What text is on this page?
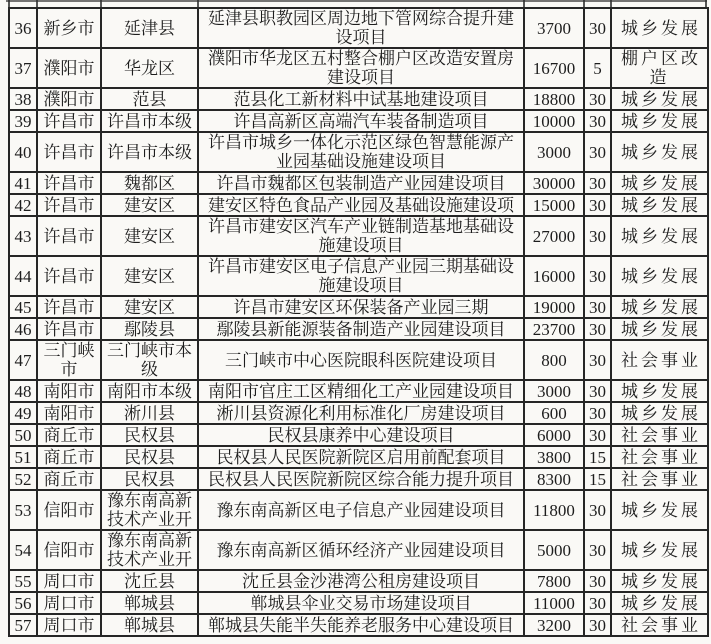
36	新乡市	延津县	延津县职教园区周边地下管网综合提升建设项目	3700	30	城乡发展
37	濮阳市	华龙区	濮阳市华龙区五村整合棚户区改造安置房建设项目	16700	5	棚户区改造
38	濮阳市	范县	范县化工新材料中试基地建设项目	18800	30	城乡发展
39	许昌市	许昌市本级	许昌高新区高端汽车装备制造项目	10000	30	城乡发展
40	许昌市	许昌市本级	许昌市城乡一体化示范区绿色智慧能源产业园基础设施建设项目	3000	30	城乡发展
41	许昌市	魏都区	许昌市魏都区包装制造产业园建设项目	30000	30	城乡发展
42	许昌市	建安区	建安区特色食品产业园及基础设施建设项	15000	30	城乡发展
43	许昌市	建安区	许昌市建安区汽车产业链制造基地基础设施建设项目	27000	30	城乡发展
44	许昌市	建安区	许昌市建安区电子信息产业园三期基础设施建设项目	16000	30	城乡发展
45	许昌市	建安区	许昌市建安区环保装备产业园三期	19000	30	城乡发展
46	许昌市	鄢陵县	鄢陵县新能源装备制造产业园建设项目	23700	30	城乡发展
47	三门峡市	三门峡市本级	三门峡市中心医院眼科医院建设项目	800	30	社会事业
48	南阳市	南阳市本级	南阳市官庄工区精细化工产业园建设项目	3000	30	城乡发展
49	南阳市	淅川县	淅川县资源化利用标准化厂房建设项目	600	30	城乡发展
50	商丘市	民权县	民权县康养中心建设项目	6000	30	社会事业
51	商丘市	民权县	民权县人民医院新院区启用前配套项目	3800	15	社会事业
52	商丘市	民权县	民权县人民医院新院区综合能力提升项目	8300	15	社会事业
53	信阳市	豫东南高新技术产业开	豫东南高新区电子信息产业园建设项目	11800	30	城乡发展
54	信阳市	豫东南高新技术产业开	豫东南高新区循环经济产业园建设项目	5000	30	城乡发展
55	周口市	沈丘县	沈丘县金沙港湾公租房建设项目	7800	30	城乡发展
56	周口市	郸城县	郸城县伞业交易市场建设项目	11000	30	城乡发展
57	周口市	郸城县	郸城县失能半失能养老服务中心建设项目	3200	30	社会事业
